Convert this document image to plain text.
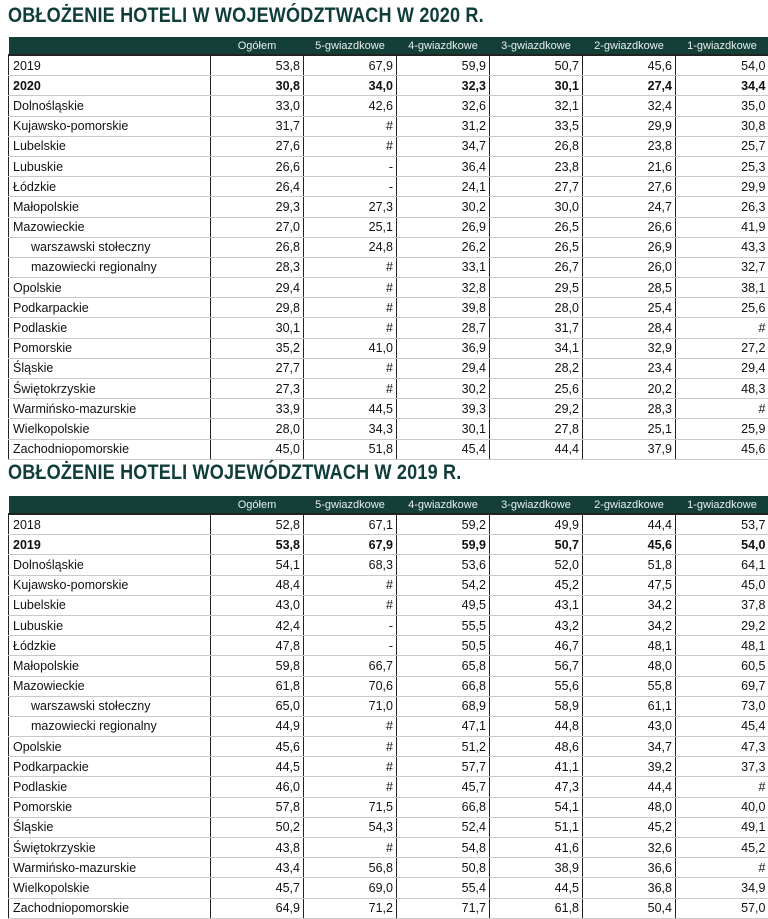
OBŁOŻENIE HOTELI W WOJEWÓDZTWACH W 2020 R.
	Ogółem	5-gwiazdkowe	4-gwiazdkowe	3-gwiazdkowe	2-gwiazdkowe	1-gwiazdkowe
2019	53,8	67,9	59,9	50,7	45,6	54,0
2020	30,8	34,0	32,3	30,1	27,4	34,4
Dolnośląskie	33,0	42,6	32,6	32,1	32,4	35,0
Kujawsko-pomorskie	31,7	#	31,2	33,5	29,9	30,8
Lubelskie	27,6	#	34,7	26,8	23,8	25,7
Lubuskie	26,6	-	36,4	23,8	21,6	25,3
Łódzkie	26,4	-	24,1	27,7	27,6	29,9
Małopolskie	29,3	27,3	30,2	30,0	24,7	26,3
Mazowieckie	27,0	25,1	26,9	26,5	26,6	41,9
warszawski stołeczny	26,8	24,8	26,2	26,5	26,9	43,3
mazowiecki regionalny	28,3	#	33,1	26,7	26,0	32,7
Opolskie	29,4	#	32,8	29,5	28,5	38,1
Podkarpackie	29,8	#	39,8	28,0	25,4	25,6
Podlaskie	30,1	#	28,7	31,7	28,4	#
Pomorskie	35,2	41,0	36,9	34,1	32,9	27,2
Śląskie	27,7	#	29,4	28,2	23,4	29,4
Świętokrzyskie	27,3	#	30,2	25,6	20,2	48,3
Warmińsko-mazurskie	33,9	44,5	39,3	29,2	28,3	#
Wielkopolskie	28,0	34,3	30,1	27,8	25,1	25,9
Zachodniopomorskie	45,0	51,8	45,4	44,4	37,9	45,6
OBŁOŻENIE HOTELI WOJEWÓDZTWACH W 2019 R.
	Ogółem	5-gwiazdkowe	4-gwiazdkowe	3-gwiazdkowe	2-gwiazdkowe	1-gwiazdkowe
2018	52,8	67,1	59,2	49,9	44,4	53,7
2019	53,8	67,9	59,9	50,7	45,6	54,0
Dolnośląskie	54,1	68,3	53,6	52,0	51,8	64,1
Kujawsko-pomorskie	48,4	#	54,2	45,2	47,5	45,0
Lubelskie	43,0	#	49,5	43,1	34,2	37,8
Lubuskie	42,4	-	55,5	43,2	34,2	29,2
Łódzkie	47,8	-	50,5	46,7	48,1	48,1
Małopolskie	59,8	66,7	65,8	56,7	48,0	60,5
Mazowieckie	61,8	70,6	66,8	55,6	55,8	69,7
warszawski stołeczny	65,0	71,0	68,9	58,9	61,1	73,0
mazowiecki regionalny	44,9	#	47,1	44,8	43,0	45,4
Opolskie	45,6	#	51,2	48,6	34,7	47,3
Podkarpackie	44,5	#	57,7	41,1	39,2	37,3
Podlaskie	46,0	#	45,7	47,3	44,4	#
Pomorskie	57,8	71,5	66,8	54,1	48,0	40,0
Śląskie	50,2	54,3	52,4	51,1	45,2	49,1
Świętokrzyskie	43,8	#	54,8	41,6	32,6	45,2
Warmińsko-mazurskie	43,4	56,8	50,8	38,9	36,6	#
Wielkopolskie	45,7	69,0	55,4	44,5	36,8	34,9
Zachodniopomorskie	64,9	71,2	71,7	61,8	50,4	57,0
